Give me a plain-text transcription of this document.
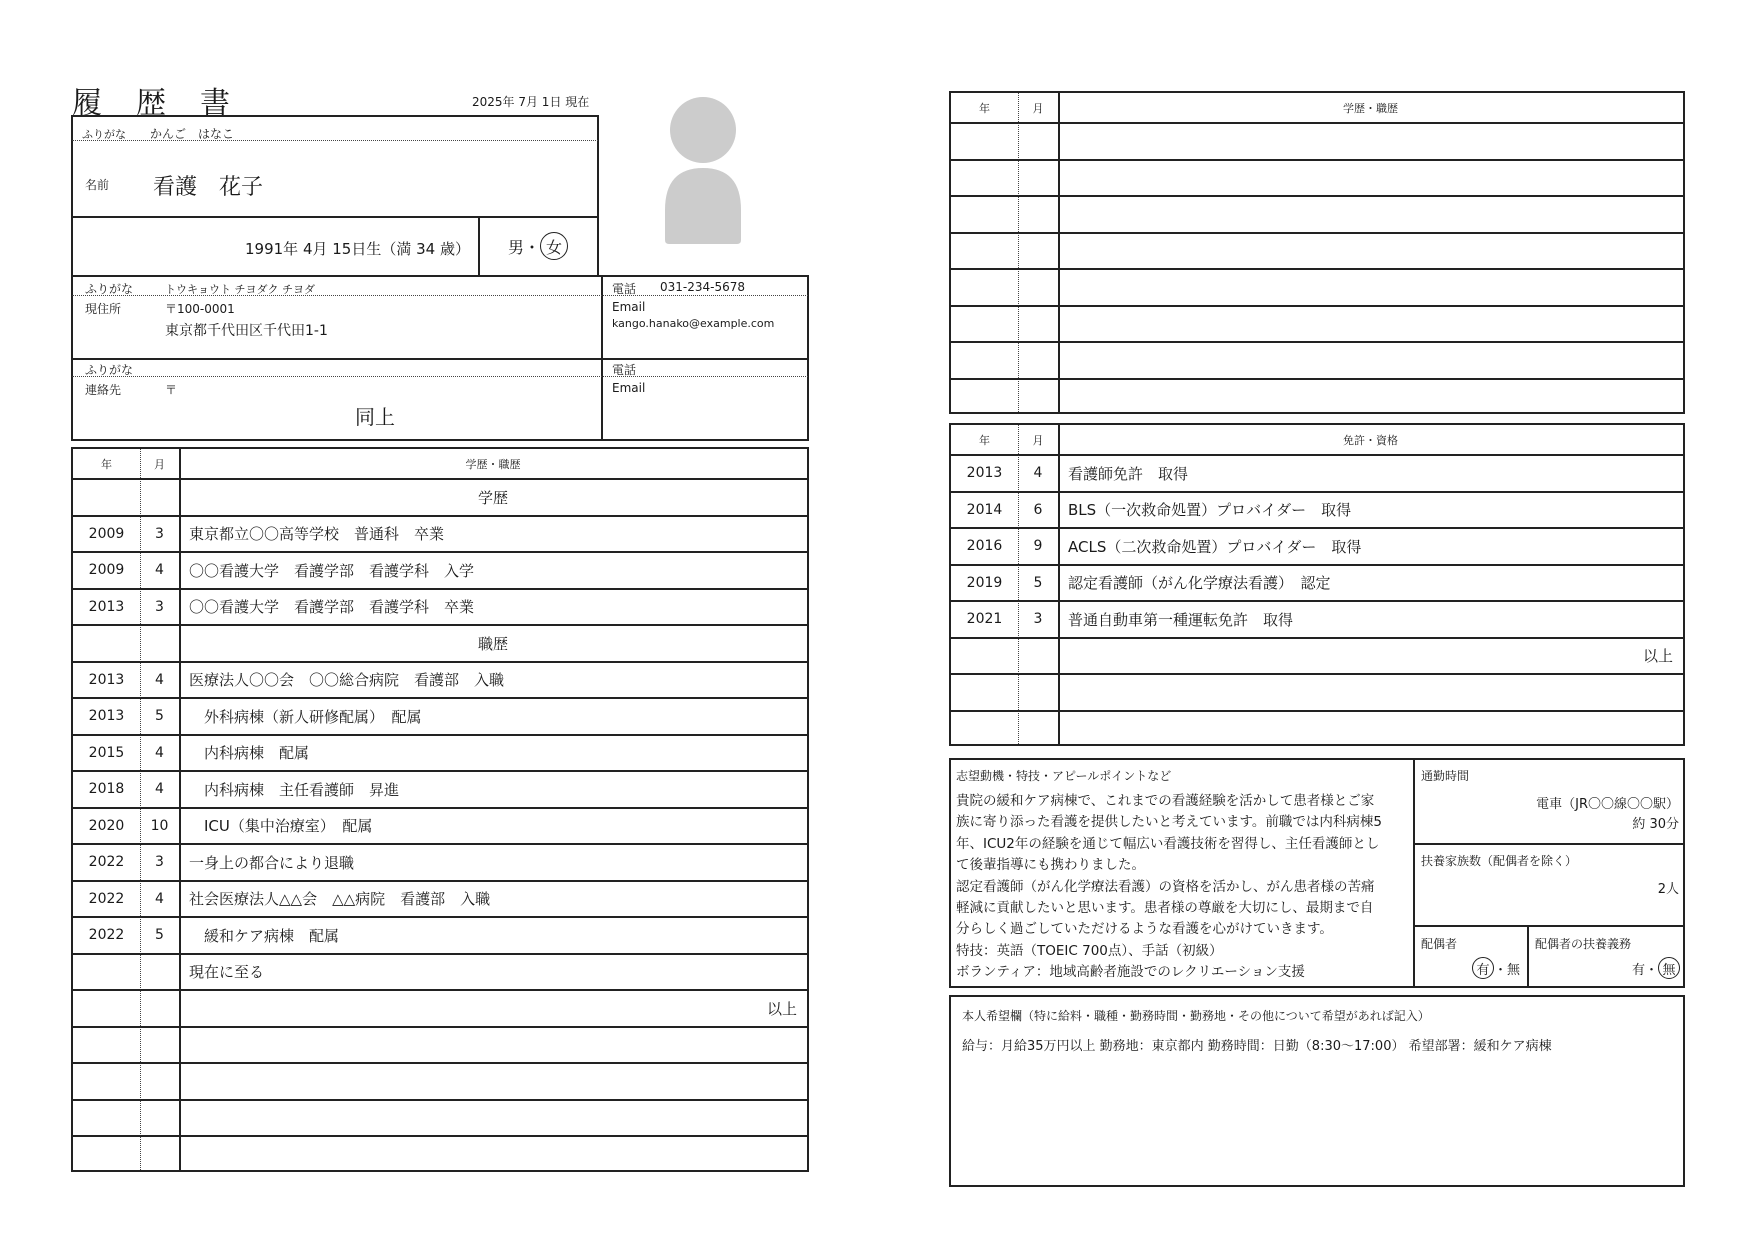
履　歴　書	2025年 7月 1日 現在
ふりがな かんご　はなこ
名前 看護　花子
1991年 4月 15日生（満 34 歳） 男 ・ 女
ふりがな	トウキョウト チヨダク チヨダ
現住所	〒100-0001
東京都千代田区千代田1-1
電話 031-234-5678
Email
kango.hanako@example.com
ふりがな
連絡先	〒
同上
電話
Email
年	月	学歴・職歴
学歴
2009	3	東京都立〇〇高等学校　普通科　卒業
2009	4	〇〇看護大学　看護学部　看護学科　入学
2013	3	〇〇看護大学　看護学部　看護学科　卒業
職歴
2013	4	医療法人〇〇会　〇〇総合病院　看護部　入職
2013	5	　外科病棟（新人研修配属）　配属
2015	4	　内科病棟　配属
2018	4	　内科病棟　主任看護師　昇進
2020	10	　ICU（集中治療室）　配属
2022	3	一身上の都合により退職
2022	4	社会医療法人△△会　△△病院　看護部　入職
2022	5	　緩和ケア病棟　配属
現在に至る
以上
年	月	学歴・職歴
年	月	免許・資格
2013	4	看護師免許　取得
2014	6	BLS（一次救命処置）プロバイダー　取得
2016	9	ACLS（二次救命処置）プロバイダー　取得
2019	5	認定看護師（がん化学療法看護）　認定
2021	3	普通自動車第一種運転免許　取得
以上
志望動機・特技・アピールポイントなど
貴院の緩和ケア病棟で、これまでの看護経験を活かして患者様とご家
族に寄り添った看護を提供したいと考えています。前職では内科病棟5
年、ICU2年の経験を通じて幅広い看護技術を習得し、主任看護師とし
て後輩指導にも携わりました。
認定看護師（がん化学療法看護）の資格を活かし、がん患者様の苦痛
軽減に貢献したいと思います。患者様の尊厳を大切にし、最期まで自
分らしく過ごしていただけるような看護を心がけていきます。
特技：英語（TOEIC 700点）、手話（初級）
ボランティア：地域高齢者施設でのレクリエーション支援
通勤時間
電車（JR〇〇線〇〇駅）
約 30分
扶養家族数（配偶者を除く）
2人
配偶者
有 ・ 無
配偶者の扶養義務
有 ・ 無
本人希望欄（特に給料・職種・勤務時間・勤務地・その他について希望があれば記入）
給与：月給35万円以上 勤務地：東京都内 勤務時間：日勤（8:30〜17:00） 希望部署：緩和ケア病棟
